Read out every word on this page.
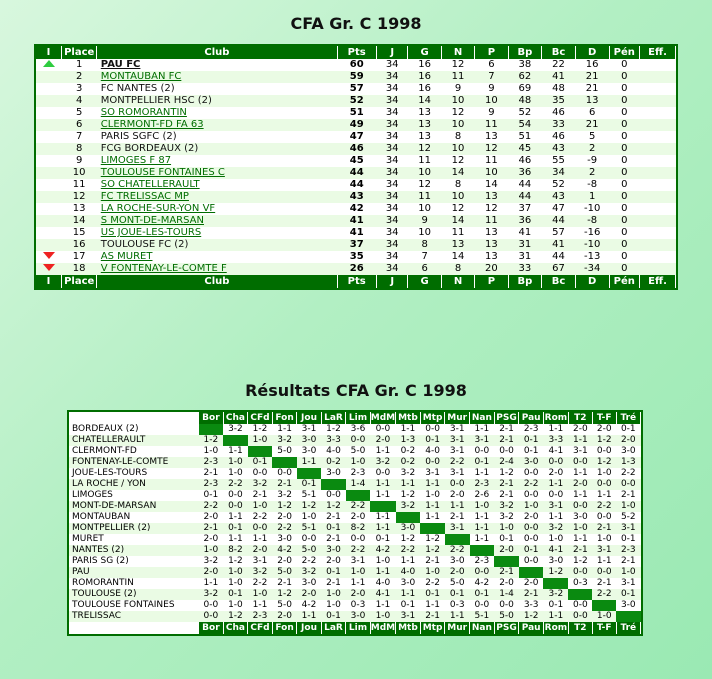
CFA Gr. C 1998
I	Place	Club	Pts	J	G	N	P	Bp	Bc	D	Pén	Eff.
	1	PAU FC	60	34	16	12	6	38	22	16	0	
	2	MONTAUBAN FC	59	34	16	11	7	62	41	21	0	
	3	FC NANTES (2)	57	34	16	9	9	69	48	21	0	
	4	MONTPELLIER HSC (2)	52	34	14	10	10	48	35	13	0	
	5	SO ROMORANTIN	51	34	13	12	9	52	46	6	0	
	6	CLERMONT-FD FA 63	49	34	13	10	11	54	33	21	0	
	7	PARIS SGFC (2)	47	34	13	8	13	51	46	5	0	
	8	FCG BORDEAUX (2)	46	34	12	10	12	45	43	2	0	
	9	LIMOGES F 87	45	34	11	12	11	46	55	-9	0	
	10	TOULOUSE FONTAINES C	44	34	10	14	10	36	34	2	0	
	11	SO CHATELLERAULT	44	34	12	8	14	44	52	-8	0	
	12	FC TRELISSAC MP	43	34	11	10	13	44	43	1	0	
	13	LA ROCHE-SUR-YON VF	42	34	10	12	12	37	47	-10	0	
	14	S MONT-DE-MARSAN	41	34	9	14	11	36	44	-8	0	
	15	US JOUE-LES-TOURS	41	34	10	11	13	41	57	-16	0	
	16	TOULOUSE FC (2)	37	34	8	13	13	31	41	-10	0	
	17	AS MURET	35	34	7	14	13	31	44	-13	0	
	18	V FONTENAY-LE-COMTE F	26	34	6	8	20	33	67	-34	0	
I	Place	Club	Pts	J	G	N	P	Bp	Bc	D	Pén	Eff.
Résultats CFA Gr. C 1998
	Bor	Cha	CFd	Fon	Jou	LaR	Lim	MdM	Mtb	Mtp	Mur	Nan	PSG	Pau	Rom	T2	T-F	Tré
BORDEAUX (2)		3-2	1-2	1-1	3-1	1-2	3-6	0-0	1-1	0-0	3-1	1-1	2-1	2-3	1-1	2-0	2-0	0-1
CHATELLERAULT	1-2		1-0	3-2	3-0	3-3	0-0	2-0	1-3	0-1	3-1	3-1	2-1	0-1	3-3	1-1	1-2	2-0
CLERMONT-FD	1-0	1-1		5-0	3-0	4-0	5-0	1-1	0-2	4-0	3-1	0-0	0-0	0-1	4-1	3-1	0-0	3-0
FONTENAY-LE-COMTE	2-3	1-0	0-1		1-1	0-2	1-0	3-2	0-2	0-0	2-2	0-1	2-4	3-0	0-0	0-0	1-2	1-3
JOUE-LES-TOURS	2-1	1-0	0-0	0-0		3-0	2-3	0-0	3-2	3-1	3-1	1-1	1-2	0-0	2-0	1-1	1-0	2-2
LA ROCHE / YON	2-3	2-2	3-2	2-1	0-1		1-4	1-1	1-1	1-1	0-0	2-3	2-1	2-2	1-1	2-0	0-0	0-0
LIMOGES	0-1	0-0	2-1	3-2	5-1	0-0		1-1	1-2	1-0	2-0	2-6	2-1	0-0	0-0	1-1	1-1	2-1
MONT-DE-MARSAN	2-2	0-0	1-0	1-2	1-2	1-2	2-2		3-2	1-1	1-1	1-0	3-2	1-0	3-1	0-0	2-2	1-0
MONTAUBAN	2-0	1-1	2-2	2-0	1-0	2-1	2-0	1-1		1-1	2-1	1-1	3-2	2-0	1-1	3-0	0-0	5-2
MONTPELLIER (2)	2-1	0-1	0-0	2-2	5-1	0-1	8-2	1-1	3-0		3-1	1-1	1-0	0-0	3-2	1-0	2-1	3-1
MURET	2-0	1-1	1-1	3-0	0-0	2-1	0-0	0-1	1-2	1-2		1-1	0-1	0-0	1-0	1-1	1-0	0-1
NANTES (2)	1-0	8-2	2-0	4-2	5-0	3-0	2-2	4-2	2-2	1-2	2-2		2-0	0-1	4-1	2-1	3-1	2-3
PARIS SG (2)	3-2	1-2	3-1	2-0	2-2	2-0	3-1	1-0	1-1	2-1	3-0	2-3		0-0	3-0	1-2	1-1	2-1
PAU	2-0	1-0	3-2	5-0	3-2	0-1	1-0	1-1	4-0	1-0	2-0	0-0	2-1		1-2	0-0	0-0	1-0
ROMORANTIN	1-1	1-0	2-2	2-1	3-0	2-1	1-1	4-0	3-0	2-2	5-0	4-2	2-0	2-0		0-3	2-1	3-1
TOULOUSE (2)	3-2	0-1	1-0	1-2	2-0	1-0	2-0	4-1	1-1	0-1	0-1	0-1	1-4	2-1	3-2		2-2	0-1
TOULOUSE FONTAINES	0-0	1-0	1-1	5-0	4-2	1-0	0-3	1-1	0-1	1-1	0-3	0-0	0-0	3-3	0-1	0-0		3-0
TRELISSAC	0-0	1-2	2-3	2-0	1-1	0-1	3-0	1-0	3-1	2-1	1-1	5-1	5-0	1-2	1-1	0-0	1-0	
	Bor	Cha	CFd	Fon	Jou	LaR	Lim	MdM	Mtb	Mtp	Mur	Nan	PSG	Pau	Rom	T2	T-F	Tré
